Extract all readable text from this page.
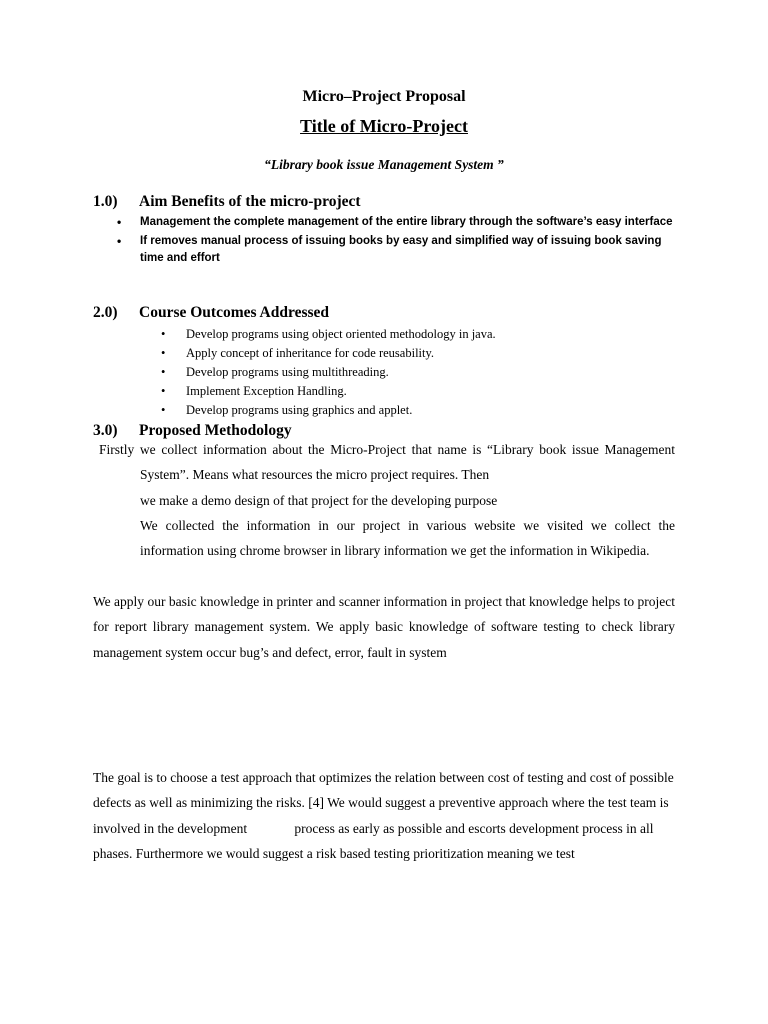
Micro–Project Proposal
Title of Micro-Project
“Library book issue Management System ”
1.0) Aim Benefits of the micro-project
• Management the complete management of the entire library through the software’s easy interface
• If removes manual process of issuing books by easy and simplified way of issuing book saving time and effort
2.0) Course Outcomes Addressed
• Develop programs using object oriented methodology in java.
• Apply concept of inheritance for code reusability.
• Develop programs using multithreading.
• Implement Exception Handling.
• Develop programs using graphics and applet.
3.0) Proposed Methodology

Firstly we collect information about the Micro-Project that name is “Library book issue Management System”. Means what resources the micro project requires. Then
we make a demo design of that project for the developing purpose
We collected the information in our project in various website we visited we collect the information using chrome browser in library information we get the information in Wikipedia.
We apply our basic knowledge in printer and scanner information in project that knowledge helps to project for report library management system. We apply basic knowledge of software testing to check library management system occur bug’s and defect, error, fault in system
The goal is to choose a test approach that optimizes the relation between cost of testing and cost of possible defects as well as minimizing the risks. [4] We would suggest a preventive approach where the test team is involved in the development              process as early as possible and escorts development process in all phases. Furthermore we would suggest a risk based testing prioritization meaning we test
